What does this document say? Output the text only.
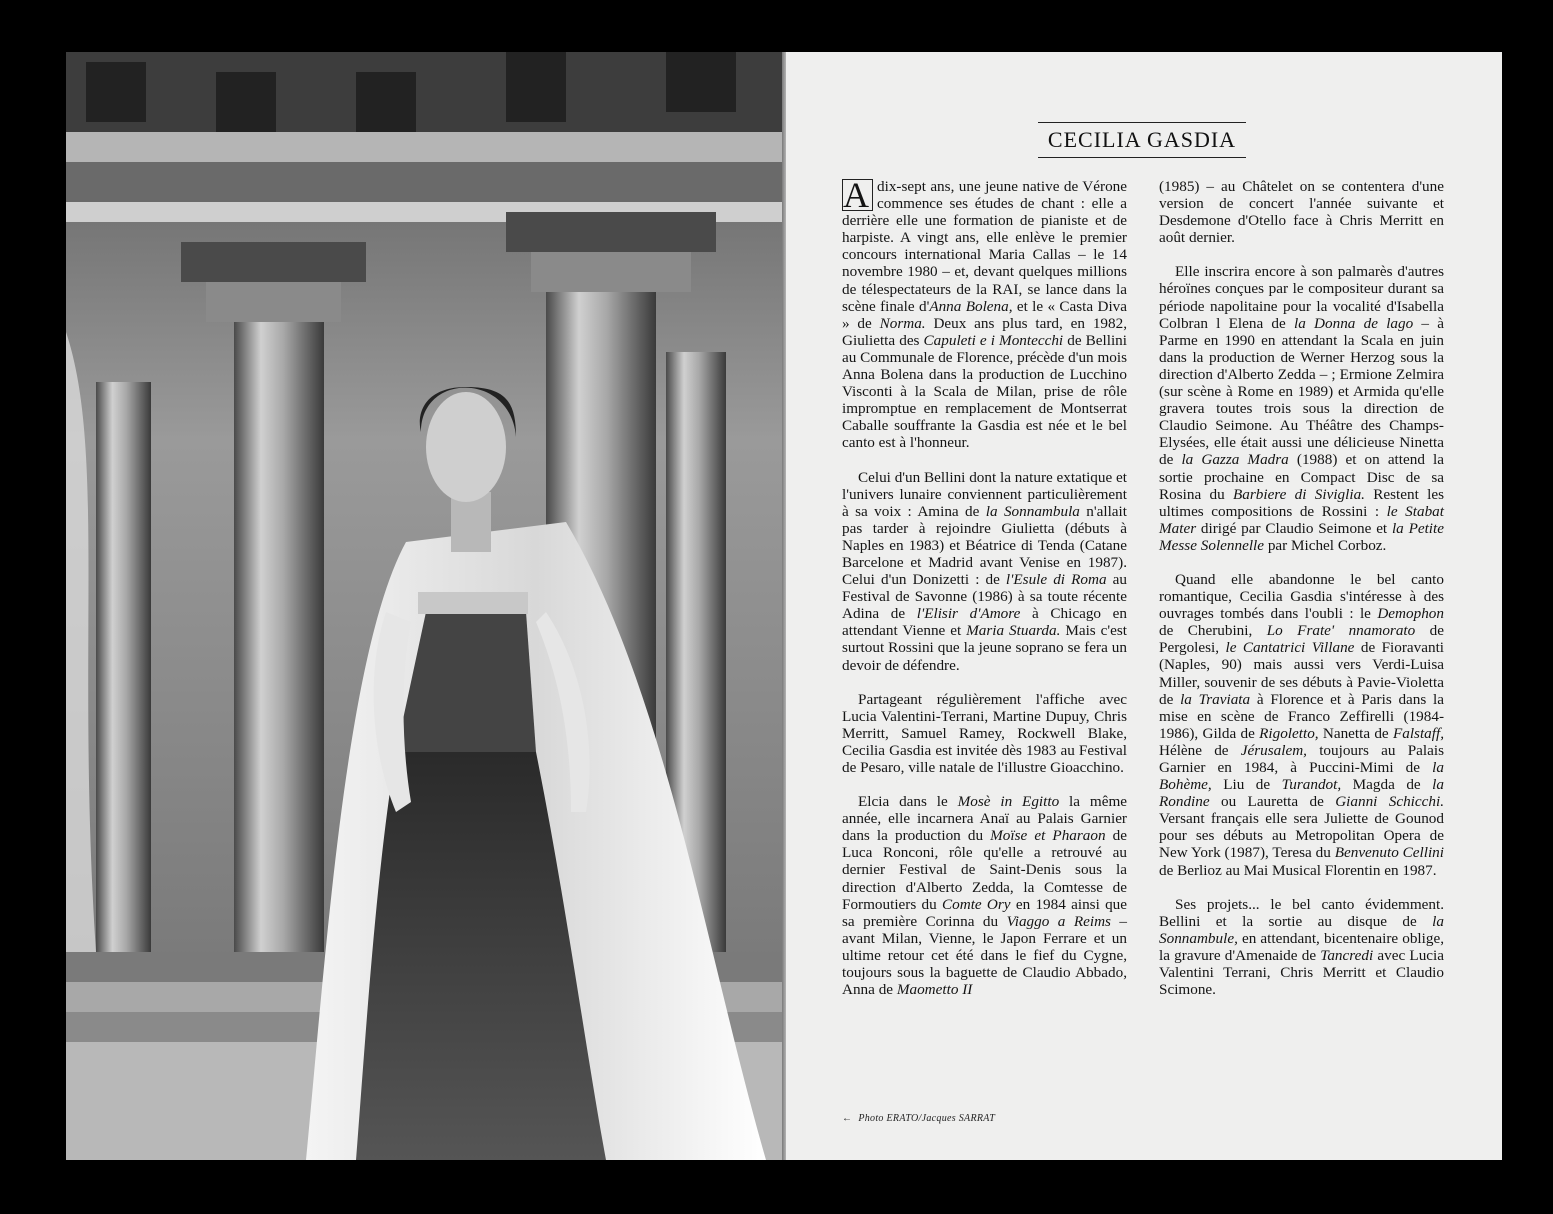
CECILIA GASDIA

A dix-sept ans, une jeune native de Vérone commence ses études de chant : elle a derrière elle une formation de pianiste et de harpiste. A vingt ans, elle enlève le premier concours international Maria Callas – le 14 novembre 1980 – et, devant quelques millions de télespectateurs de la RAI, se lance dans la scène finale d'Anna Bolena, et le « Casta Diva » de Norma. Deux ans plus tard, en 1982, Giulietta des Capuleti e i Montecchi de Bellini au Communale de Florence, précède d'un mois Anna Bolena dans la production de Lucchino Visconti à la Scala de Milan, prise de rôle impromptue en remplacement de Montserrat Caballe souffrante la Gasdia est née et le bel canto est à l'honneur.

Celui d'un Bellini dont la nature extatique et l'univers lunaire conviennent particulièrement à sa voix : Amina de la Sonnambula n'allait pas tarder à rejoindre Giulietta (débuts à Naples en 1983) et Béatrice di Tenda (Catane Barcelone et Madrid avant Venise en 1987). Celui d'un Donizetti : de l'Esule di Roma au Festival de Savonne (1986) à sa toute récente Adina de l'Elisir d'Amore à Chicago en attendant Vienne et Maria Stuarda. Mais c'est surtout Rossini que la jeune soprano se fera un devoir de défendre.

Partageant régulièrement l'affiche avec Lucia Valentini-Terrani, Martine Dupuy, Chris Merritt, Samuel Ramey, Rockwell Blake, Cecilia Gasdia est invitée dès 1983 au Festival de Pesaro, ville natale de l'illustre Gioacchino.

Elcia dans le Mosè in Egitto la même année, elle incarnera Anaï au Palais Garnier dans la production du Moïse et Pharaon de Luca Ronconi, rôle qu'elle a retrouvé au dernier Festival de Saint-Denis sous la direction d'Alberto Zedda, la Comtesse de Formoutiers du Comte Ory en 1984 ainsi que sa première Corinna du Viaggo a Reims – avant Milan, Vienne, le Japon Ferrare et un ultime retour cet été dans le fief du Cygne, toujours sous la baguette de Claudio Abbado, Anna de Maometto II

(1985) – au Châtelet on se contentera d'une version de concert l'année suivante et Desdemone d'Otello face à Chris Merritt en août dernier.

Elle inscrira encore à son palmarès d'autres héroïnes conçues par le compositeur durant sa période napolitaine pour la vocalité d'Isabella Colbran l Elena de la Donna de lago – à Parme en 1990 en attendant la Scala en juin dans la production de Werner Herzog sous la direction d'Alberto Zedda – ; Ermione Zelmira (sur scène à Rome en 1989) et Armida qu'elle gravera toutes trois sous la direction de Claudio Seimone. Au Théâtre des Champs-Elysées, elle était aussi une délicieuse Ninetta de la Gazza Madra (1988) et on attend la sortie prochaine en Compact Disc de sa Rosina du Barbiere di Siviglia. Restent les ultimes compositions de Rossini : le Stabat Mater dirigé par Claudio Seimone et la Petite Messe Solennelle par Michel Corboz.

Quand elle abandonne le bel canto romantique, Cecilia Gasdia s'intéresse à des ouvrages tombés dans l'oubli : le Demophon de Cherubini, Lo Frate' nnamorato de Pergolesi, le Cantatrici Villane de Fioravanti (Naples, 90) mais aussi vers Verdi-Luisa Miller, souvenir de ses débuts à Pavie-Violetta de la Traviata à Florence et à Paris dans la mise en scène de Franco Zeffirelli (1984-1986), Gilda de Rigoletto, Nanetta de Falstaff, Hélène de Jérusalem, toujours au Palais Garnier en 1984, à Puccini-Mimi de la Bohème, Liu de Turandot, Magda de la Rondine ou Lauretta de Gianni Schicchi. Versant français elle sera Juliette de Gounod pour ses débuts au Metropolitan Opera de New York (1987), Teresa du Benvenuto Cellini de Berlioz au Mai Musical Florentin en 1987.

Ses projets... le bel canto évidemment. Bellini et la sortie au disque de la Sonnambule, en attendant, bicentenaire oblige, la gravure d'Amenaide de Tancredi avec Lucia Valentini Terrani, Chris Merritt et Claudio Scimone.

← Photo ERATO/Jacques SARRAT
